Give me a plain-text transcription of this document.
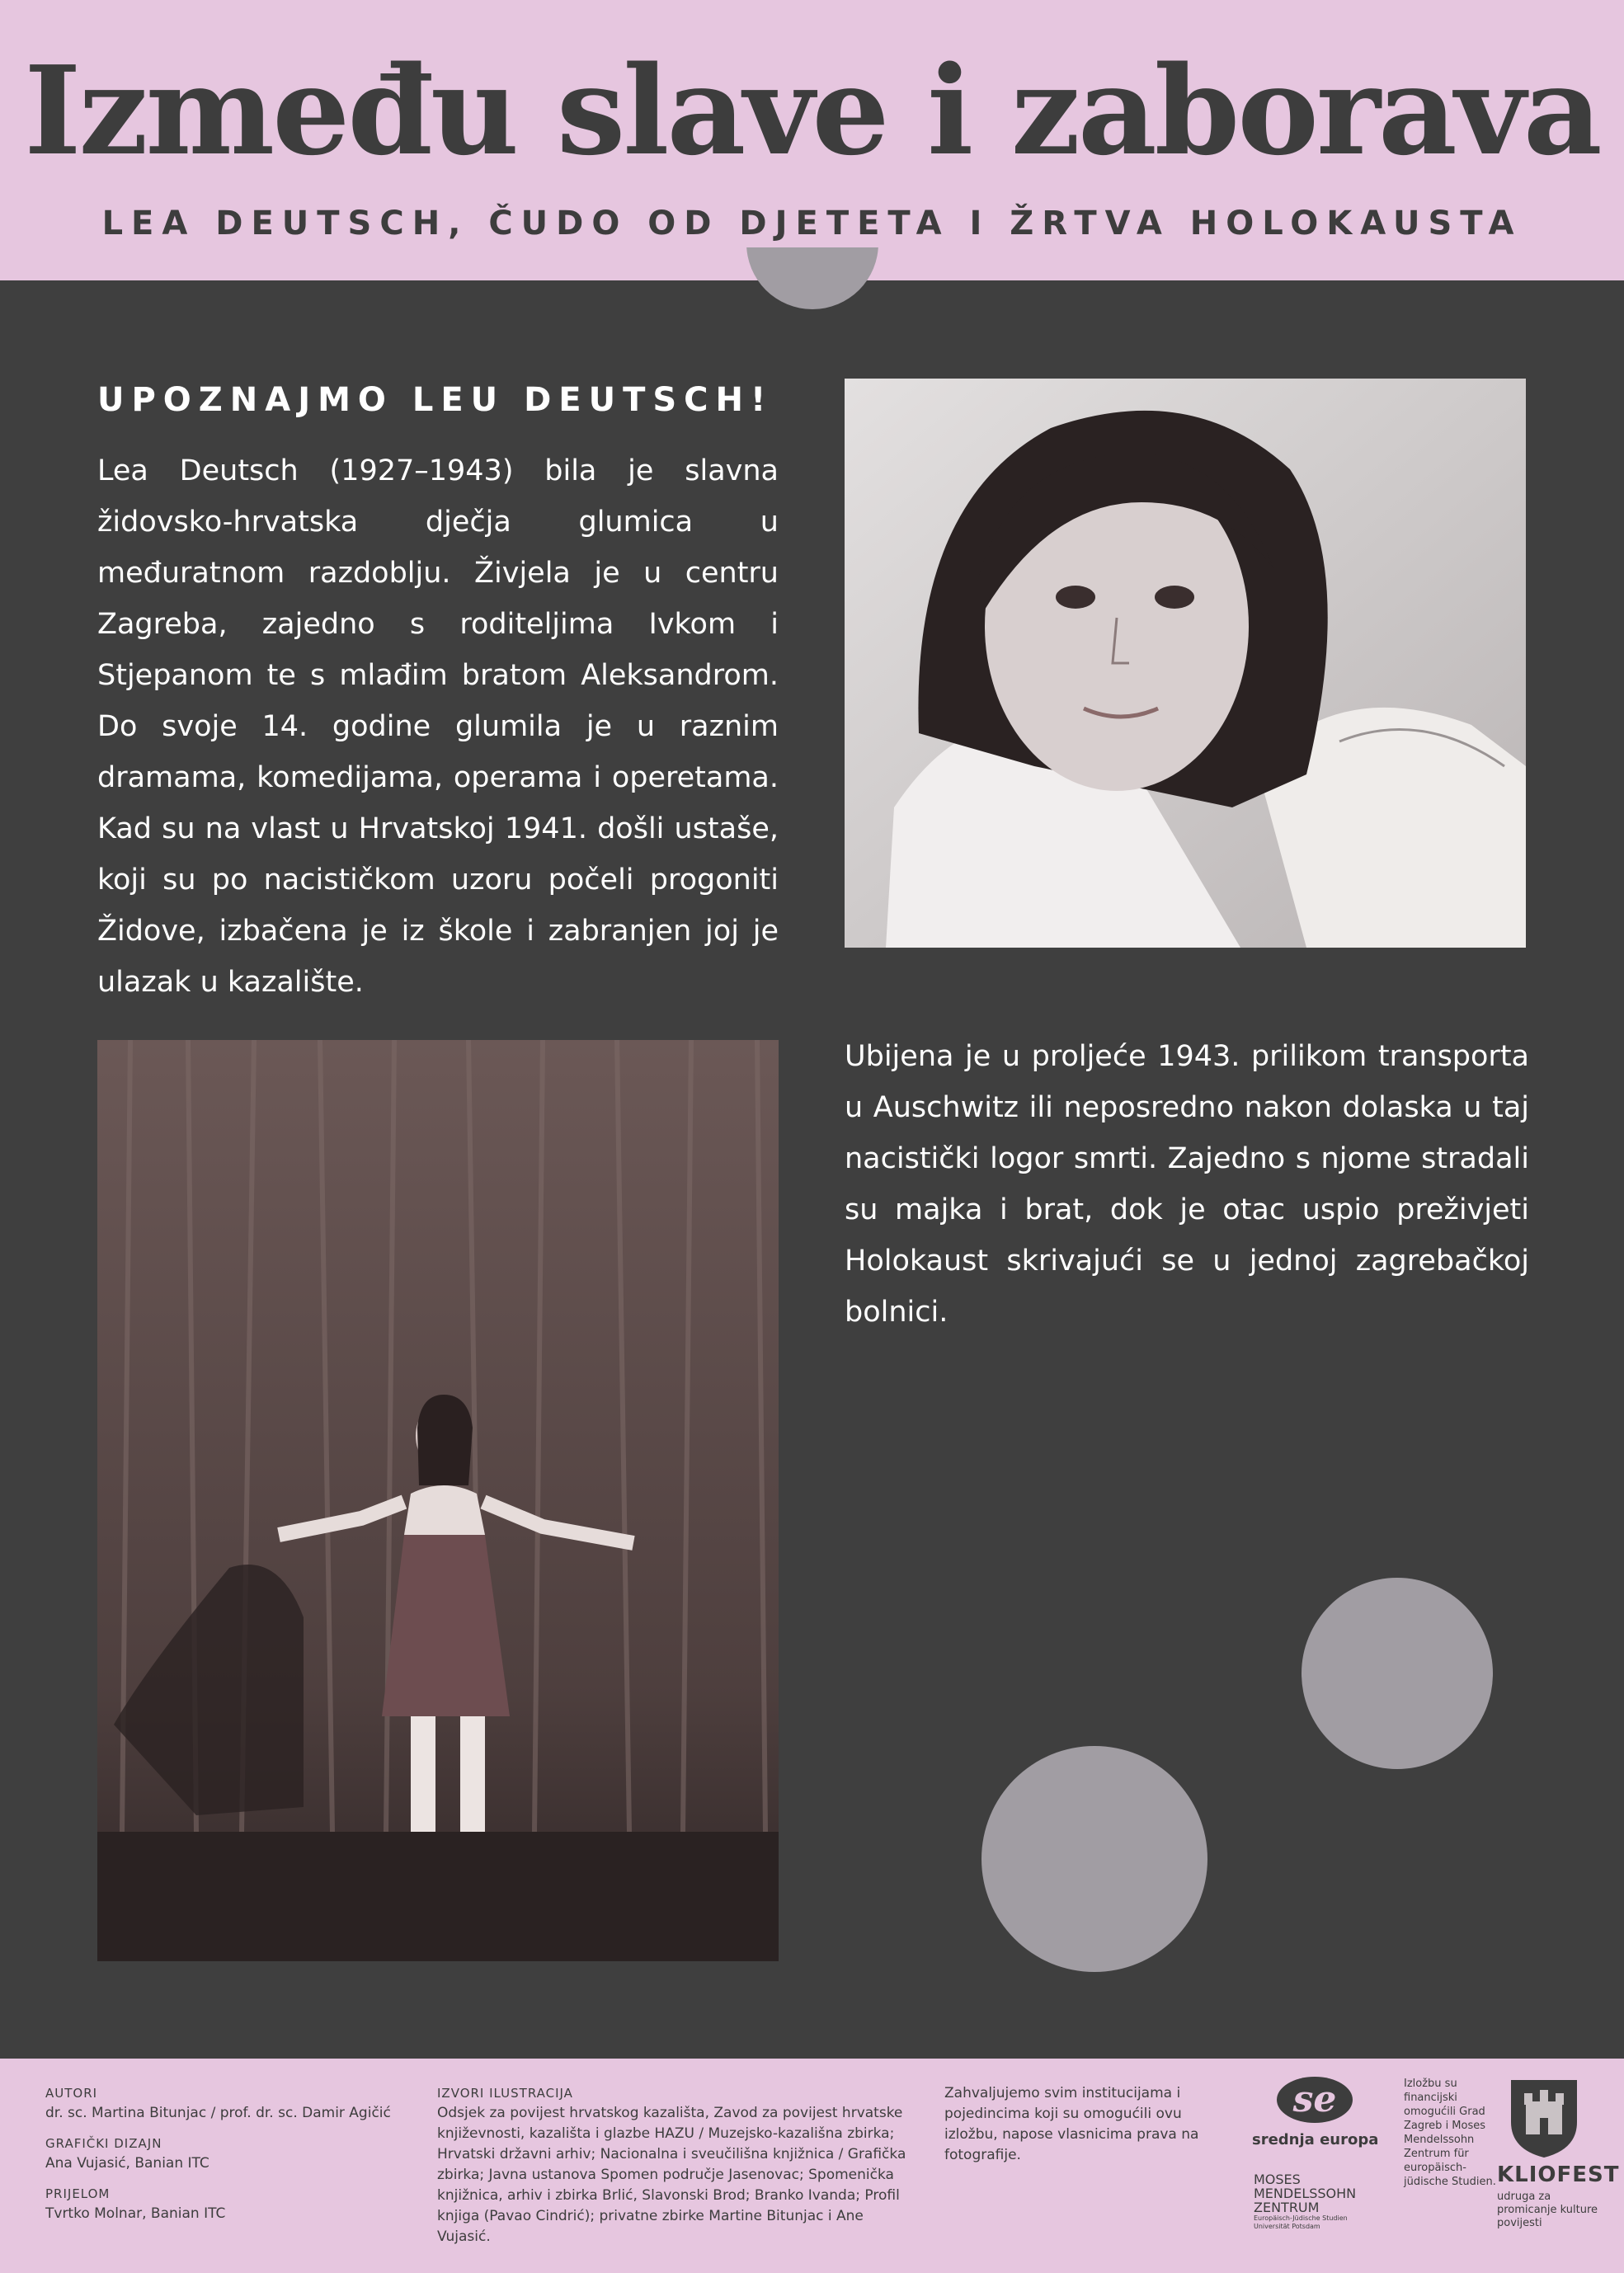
Između slave i zaborava
LEA DEUTSCH, ČUDO OD DJETETA I ŽRTVA HOLOKAUSTA
UPOZNAJMO LEU DEUTSCH!
Lea Deutsch (1927–1943) bila je slavna židovsko-hrvatska dječja glumica u međuratnom razdoblju. Živjela je u centru Zagreba, zajedno s roditeljima Ivkom i Stjepanom te s mlađim bratom Aleksandrom. Do svoje 14. godine glumila je u raznim dramama, komedijama, operama i operetama. Kad su na vlast u Hrvatskoj 1941. došli ustaše, koji su po nacističkom uzoru počeli progoniti Židove, izbačena je iz škole i zabranjen joj je ulazak u kazalište.
Ubijena je u proljeće 1943. prilikom transporta u Auschwitz ili neposredno nakon dolaska u taj nacistički logor smrti. Zajedno s njome stradali su majka i brat, dok je otac uspio preživjeti Holokaust skrivajući se u jednoj zagrebačkoj bolnici.
AUTORI
dr. sc. Martina Bitunjac / prof. dr. sc. Damir Agičić
GRAFIČKI DIZAJN
Ana Vujasić, Banian ITC
PRIJELOM
Tvrtko Molnar, Banian ITC
IZVORI ILUSTRACIJA
Odsjek za povijest hrvatskog kazališta, Zavod za povijest hrvatske književnosti, kazališta i glazbe HAZU / Muzejsko-kazališna zbirka; Hrvatski državni arhiv; Nacionalna i sveučilišna knjižnica / Grafička zbirka; Javna ustanova Spomen područje Jasenovac; Spomenička knjižnica, arhiv i zbirka Brlić, Slavonski Brod; Branko Ivanda; Profil knjiga (Pavao Cindrić); privatne zbirke Martine Bitunjac i Ane Vujasić.
Zahvaljujemo svim institucijama i pojedincima koji su omogućili ovu izložbu, napose vlasnicima prava na fotografije.
se
srednja europa
MOSES
MENDELSSOHN
ZENTRUM
Europäisch-Jüdische Studien
Universität Potsdam
Izložbu su financijski omogućili Grad Zagreb i Moses Mendelssohn Zentrum für europäisch-jüdische Studien. KLIOFEST
udruga za promicanje kulture povijesti
